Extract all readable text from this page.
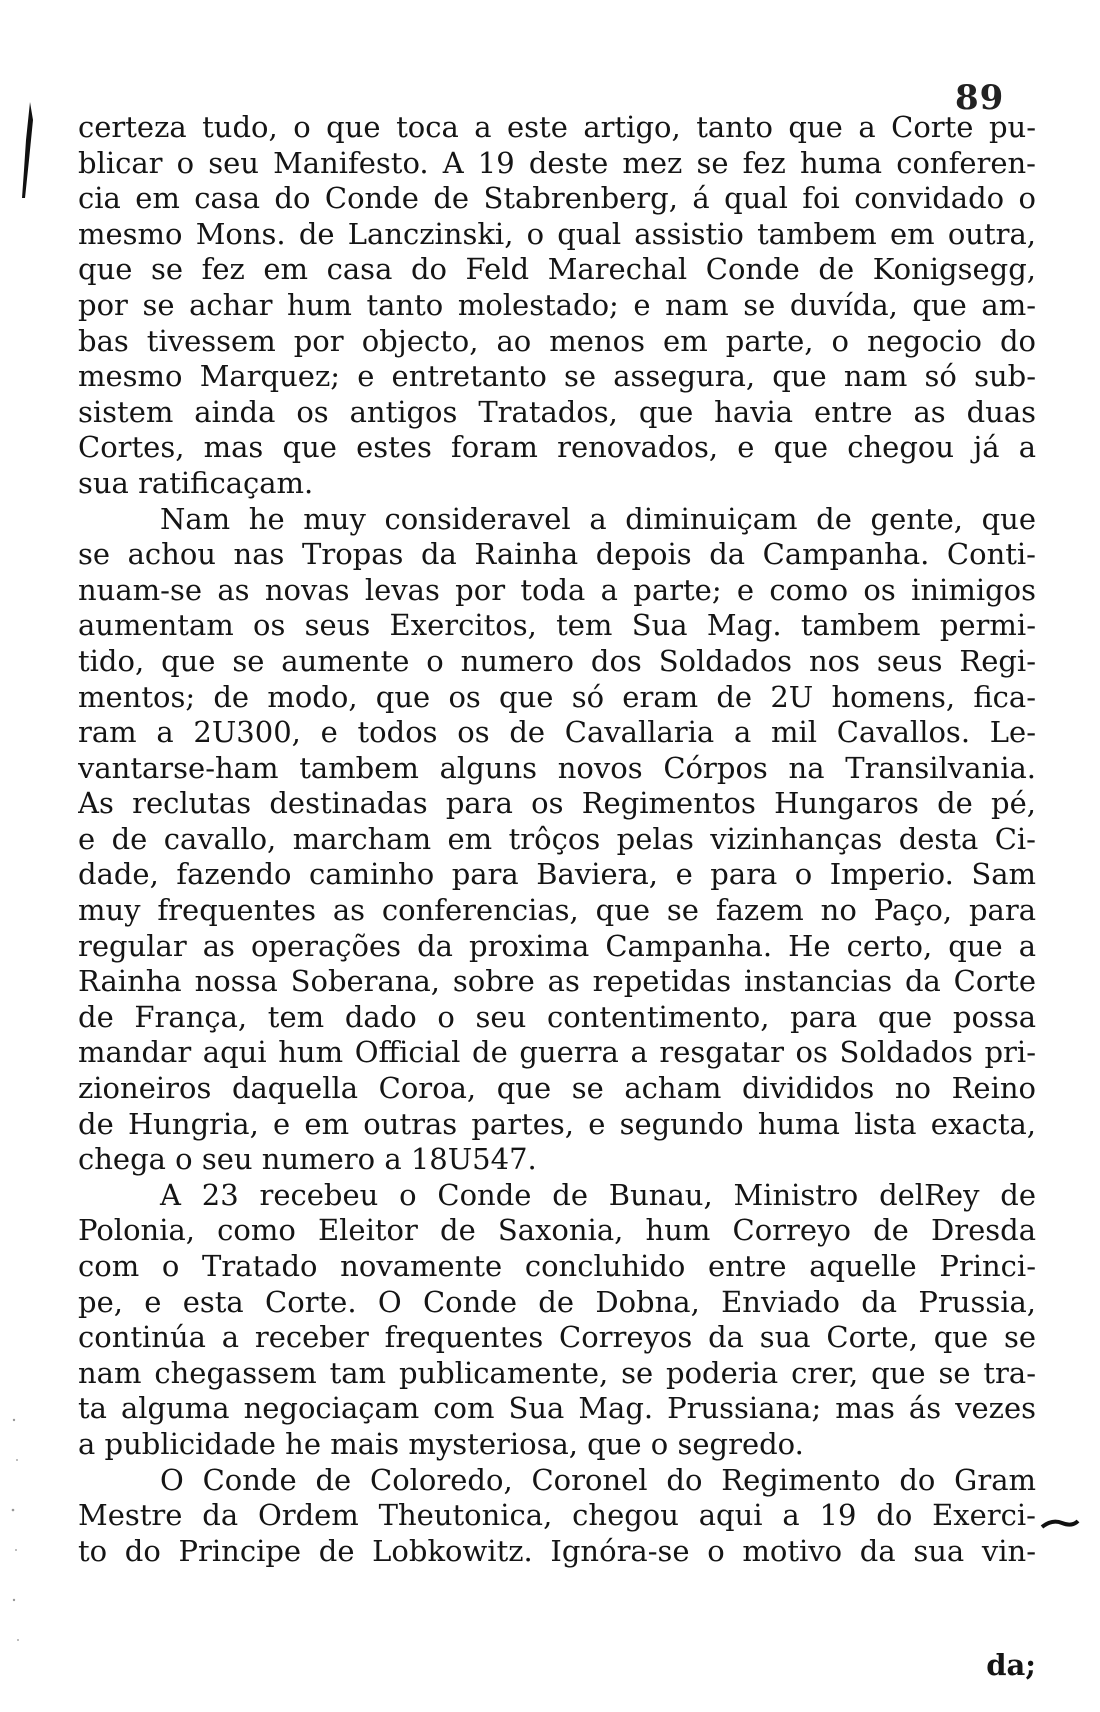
89
certeza tudo, o que toca a este artigo, tanto que a Corte pu-
blicar o seu Manifesto. A 19 deste mez se fez huma conferen-
cia em casa do Conde de Stabrenberg, á qual foi convidado o
mesmo Mons. de Lanczinski, o qual assistio tambem em outra,
que se fez em casa do Feld Marechal Conde de Konigsegg,
por se achar hum tanto molestado; e nam se duvída, que am-
bas tivessem por objecto, ao menos em parte, o negocio do
mesmo Marquez; e entretanto se assegura, que nam só sub-
sistem ainda os antigos Tratados, que havia entre as duas
Cortes, mas que estes foram renovados, e que chegou já a
sua ratificaçam.
Nam he muy consideravel a diminuiçam de gente, que
se achou nas Tropas da Rainha depois da Campanha. Conti-
nuam-se as novas levas por toda a parte; e como os inimigos
aumentam os seus Exercitos, tem Sua Mag. tambem permi-
tido, que se aumente o numero dos Soldados nos seus Regi-
mentos; de modo, que os que só eram de 2U homens, fica-
ram a 2U300, e todos os de Cavallaria a mil Cavallos. Le-
vantarse-ham tambem alguns novos Córpos na Transilvania.
As reclutas destinadas para os Regimentos Hungaros de pé,
e de cavallo, marcham em trôços pelas vizinhanças desta Ci-
dade, fazendo caminho para Baviera, e para o Imperio. Sam
muy frequentes as conferencias, que se fazem no Paço, para
regular as operações da proxima Campanha. He certo, que a
Rainha nossa Soberana, sobre as repetidas instancias da Corte
de França, tem dado o seu contentimento, para que possa
mandar aqui hum Official de guerra a resgatar os Soldados pri-
zioneiros daquella Coroa, que se acham divididos no Reino
de Hungria, e em outras partes, e segundo huma lista exacta,
chega o seu numero a 18U547.
A 23 recebeu o Conde de Bunau, Ministro delRey de
Polonia, como Eleitor de Saxonia, hum Correyo de Dresda
com o Tratado novamente concluhido entre aquelle Princi-
pe, e esta Corte. O Conde de Dobna, Enviado da Prussia,
continúa a receber frequentes Correyos da sua Corte, que se
nam chegassem tam publicamente, se poderia crer, que se tra-
ta alguma negociaçam com Sua Mag. Prussiana; mas ás vezes
a publicidade he mais mysteriosa, que o segredo.
O Conde de Coloredo, Coronel do Regimento do Gram
Mestre da Ordem Theutonica, chegou aqui a 19 do Exerci-
to do Principe de Lobkowitz. Ignóra-se o motivo da sua vin-
da;
